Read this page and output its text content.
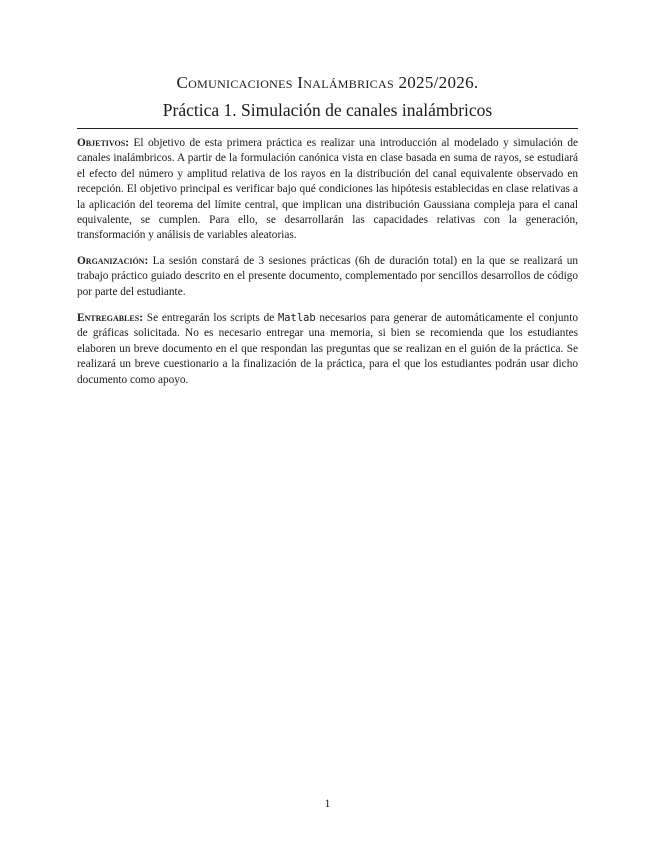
Comunicaciones Inalámbricas 2025/2026.
Práctica 1. Simulación de canales inalámbricos
Objetivos: El objetivo de esta primera práctica es realizar una introducción al modelado y simulación de canales inalámbricos. A partir de la formulación canónica vista en clase basada en suma de rayos, se estudiará el efecto del número y amplitud relativa de los rayos en la distribución del canal equivalente observado en recepción. El objetivo principal es verificar bajo qué condiciones las hipótesis establecidas en clase relativas a la aplicación del teorema del límite central, que implican una distribución Gaussiana compleja para el canal equivalente, se cumplen. Para ello, se desarrollarán las capacidades relativas con la generación, transformación y análisis de variables aleatorias.
Organización: La sesión constará de 3 sesiones prácticas (6h de duración total) en la que se realizará un trabajo práctico guiado descrito en el presente documento, complementado por sencillos desarrollos de código por parte del estudiante.
Entregables: Se entregarán los scripts de Matlab necesarios para generar de automáticamente el conjunto de gráficas solicitada. No es necesario entregar una memoria, si bien se recomienda que los estudiantes elaboren un breve documento en el que respondan las preguntas que se realizan en el guión de la práctica. Se realizará un breve cuestionario a la finalización de la práctica, para el que los estudiantes podrán usar dicho documento como apoyo.
1
